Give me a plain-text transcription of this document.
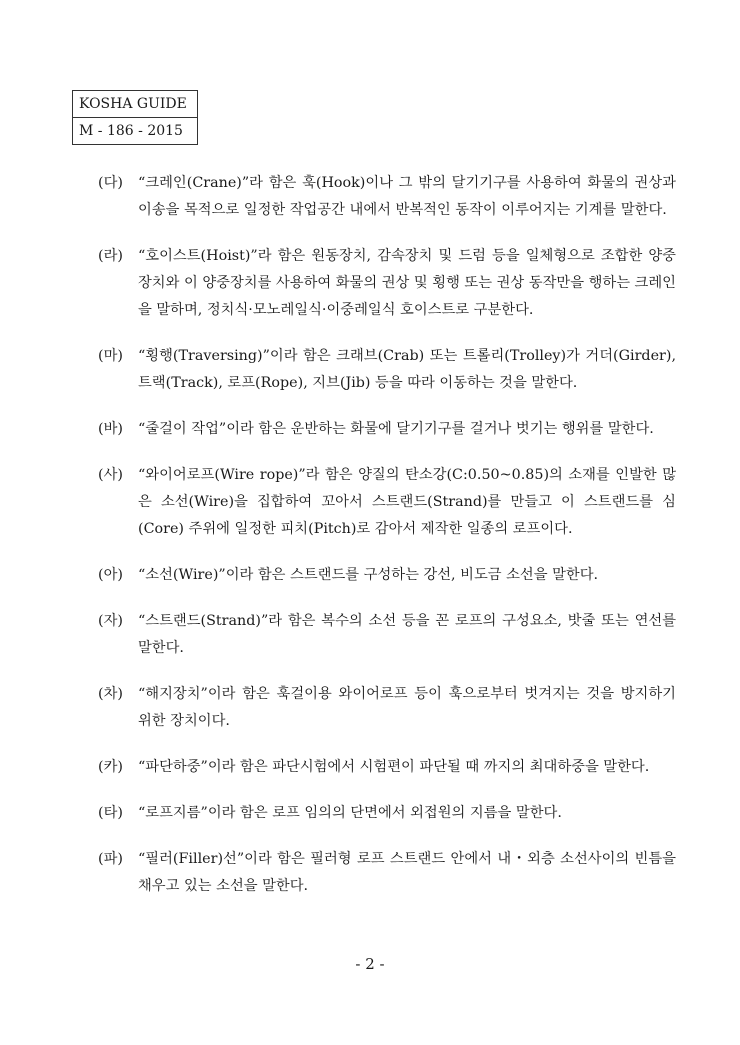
KOSHA GUIDE
M - 186 - 2015
(다) “크레인(Crane)”라 함은 훅(Hook)이나 그 밖의 달기기구를 사용하여 화물의 권상과 이송을 목적으로 일정한 작업공간 내에서 반복적인 동작이 이루어지는 기계를 말한다.

(라) “호이스트(Hoist)”라 함은 원동장치, 감속장치 및 드럼 등을 일체형으로 조합한 양중장치와 이 양중장치를 사용하여 화물의 권상 및 횡행 또는 권상 동작만을 행하는 크레인을 말하며, 정치식·모노레일식·이중레일식 호이스트로 구분한다.

(마) “횡행(Traversing)”이라 함은 크래브(Crab) 또는 트롤리(Trolley)가 거더(Girder), 트랙(Track), 로프(Rope), 지브(Jib) 등을 따라 이동하는 것을 말한다.

(바) “줄걸이 작업”이라 함은 운반하는 화물에 달기기구를 걸거나 벗기는 행위를 말한다.

(사) “와이어로프(Wire rope)”라 함은 양질의 탄소강(C:0.50~0.85)의 소재를 인발한 많은 소선(Wire)을 집합하여 꼬아서 스트랜드(Strand)를 만들고 이 스트랜드를 심(Core) 주위에 일정한 피치(Pitch)로 감아서 제작한 일종의 로프이다.

(아) “소선(Wire)”이라 함은 스트랜드를 구성하는 강선, 비도금 소선을 말한다.

(자) “스트랜드(Strand)”라 함은 복수의 소선 등을 꼰 로프의 구성요소, 밧줄 또는 연선를 말한다.

(차) “해지장치”이라 함은 훅걸이용 와이어로프 등이 훅으로부터 벗겨지는 것을 방지하기 위한 장치이다.

(카) “파단하중”이라 함은 파단시험에서 시험편이 파단될 때 까지의 최대하중을 말한다.

(타) “로프지름”이라 함은 로프 임의의 단면에서 외접원의 지름을 말한다.

(파) “필러(Filler)선”이라 함은 필러형 로프 스트랜드 안에서 내・외층 소선사이의 빈틈을 채우고 있는 소선을 말한다.

- 2 -
